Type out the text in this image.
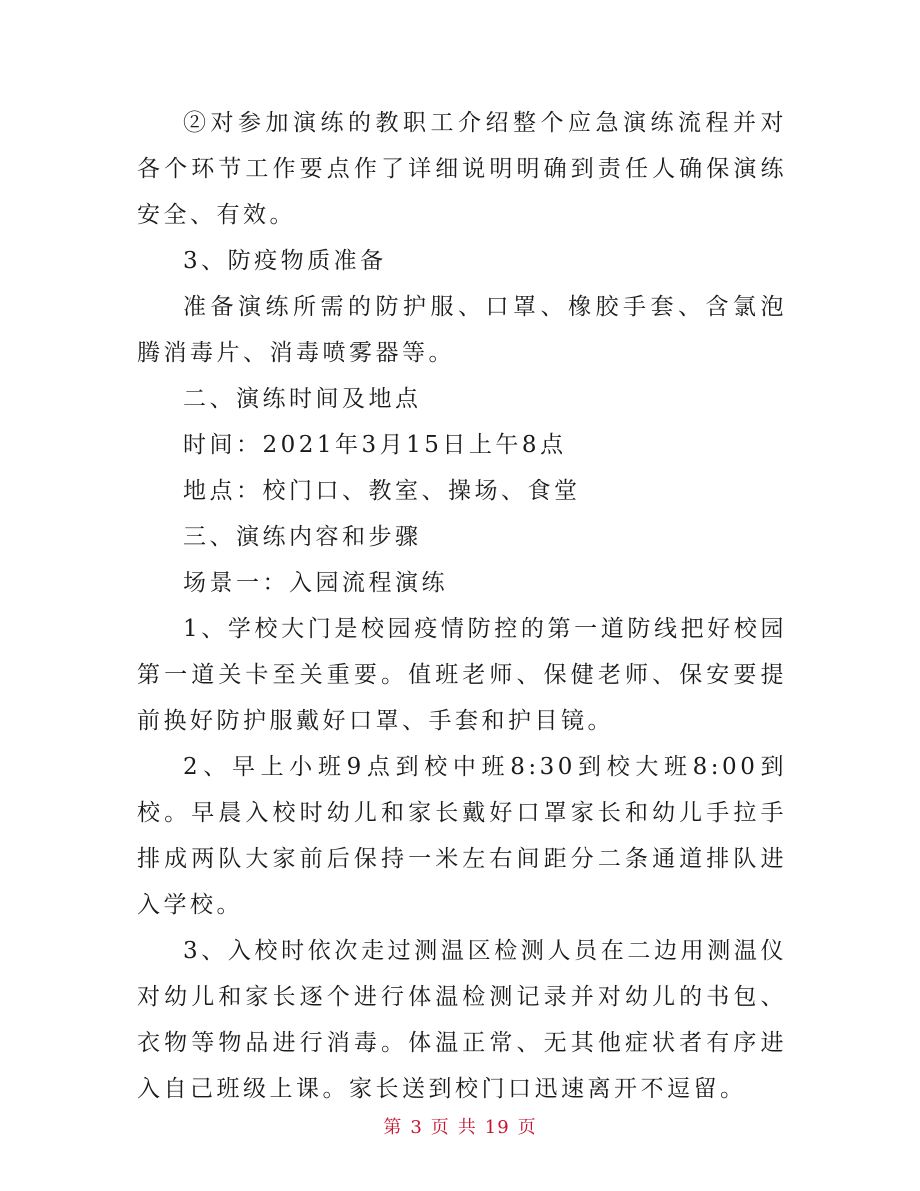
②对参加演练的教职工介绍整个应急演练流程并对各个环节工作要点作了详细说明明确到责任人确保演练安全、有效。

3、防疫物质准备

准备演练所需的防护服、口罩、橡胶手套、含氯泡腾消毒片、消毒喷雾器等。

二、演练时间及地点

时间：2021年3月15日上午8点

地点：校门口、教室、操场、食堂

三、演练内容和步骤

场景一：入园流程演练

1、学校大门是校园疫情防控的第一道防线把好校园第一道关卡至关重要。值班老师、保健老师、保安要提前换好防护服戴好口罩、手套和护目镜。

2、早上小班9点到校中班8:30到校大班8:00到校。早晨入校时幼儿和家长戴好口罩家长和幼儿手拉手排成两队大家前后保持一米左右间距分二条通道排队进入学校。

3、入校时依次走过测温区检测人员在二边用测温仪对幼儿和家长逐个进行体温检测记录并对幼儿的书包、衣物等物品进行消毒。体温正常、无其他症状者有序进入自己班级上课。家长送到校门口迅速离开不逗留。

第 3 页 共 19 页
